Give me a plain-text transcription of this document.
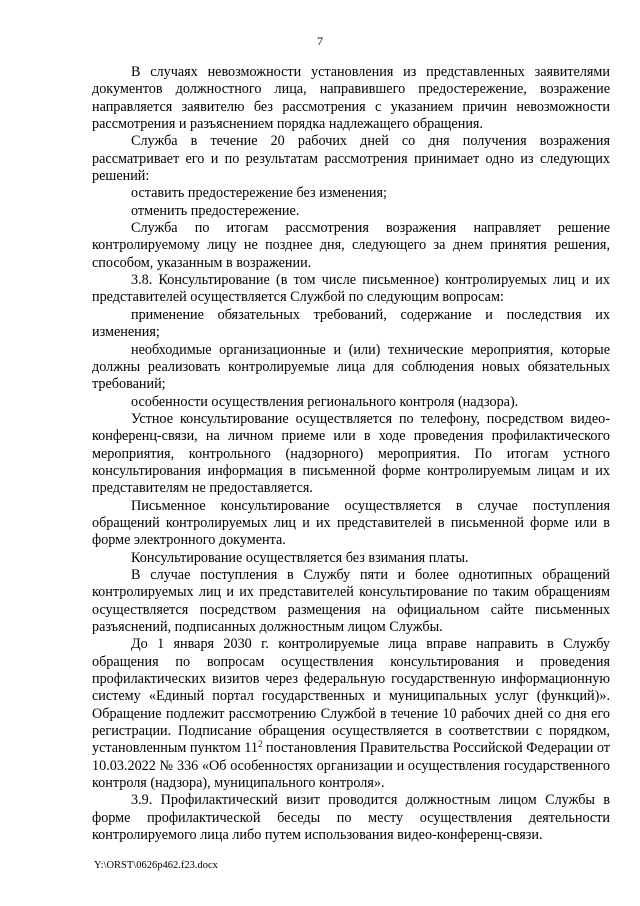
7

В случаях невозможности установления из представленных заявителями документов должностного лица, направившего предостережение, возражение направляется заявителю без рассмотрения с указанием причин невозможности рассмотрения и разъяснением порядка надлежащего обращения.

Служба в течение 20 рабочих дней со дня получения возражения рассматривает его и по результатам рассмотрения принимает одно из следующих решений:

оставить предостережение без изменения;

отменить предостережение.

Служба по итогам рассмотрения возражения направляет решение контролируемому лицу не позднее дня, следующего за днем принятия решения, способом, указанным в возражении.

3.8. Консультирование (в том числе письменное) контролируемых лиц и их представителей осуществляется Службой по следующим вопросам:

применение обязательных требований, содержание и последствия их изменения;

необходимые организационные и (или) технические мероприятия, которые должны реализовать контролируемые лица для соблюдения новых обязательных требований;

особенности осуществления регионального контроля (надзора).

Устное консультирование осуществляется по телефону, посредством видео-конференц-связи, на личном приеме или в ходе проведения профилактического мероприятия, контрольного (надзорного) мероприятия. По итогам устного консультирования информация в письменной форме контролируемым лицам и их представителям не предоставляется.

Письменное консультирование осуществляется в случае поступления обращений контролируемых лиц и их представителей в письменной форме или в форме электронного документа.

Консультирование осуществляется без взимания платы.

В случае поступления в Службу пяти и более однотипных обращений контролируемых лиц и их представителей консультирование по таким обращениям осуществляется посредством размещения на официальном сайте письменных разъяснений, подписанных должностным лицом Службы.

До 1 января 2030 г. контролируемые лица вправе направить в Службу обращения по вопросам осуществления консультирования и проведения профилактических визитов через федеральную государственную информационную систему «Единый портал государственных и муниципальных услуг (функций)». Обращение подлежит рассмотрению Службой в течение 10 рабочих дней со дня его регистрации. Подписание обращения осуществляется в соответствии с порядком, установленным пунктом $11^2$ постановления Правительства Российской Федерации от 10.03.2022 № 336 «Об особенностях организации и осуществления государственного контроля (надзора), муниципального контроля».

3.9. Профилактический визит проводится должностным лицом Службы в форме профилактической беседы по месту осуществления деятельности контролируемого лица либо путем использования видео-конференц-связи.

Y:\ORST\0626p462.f23.docx
